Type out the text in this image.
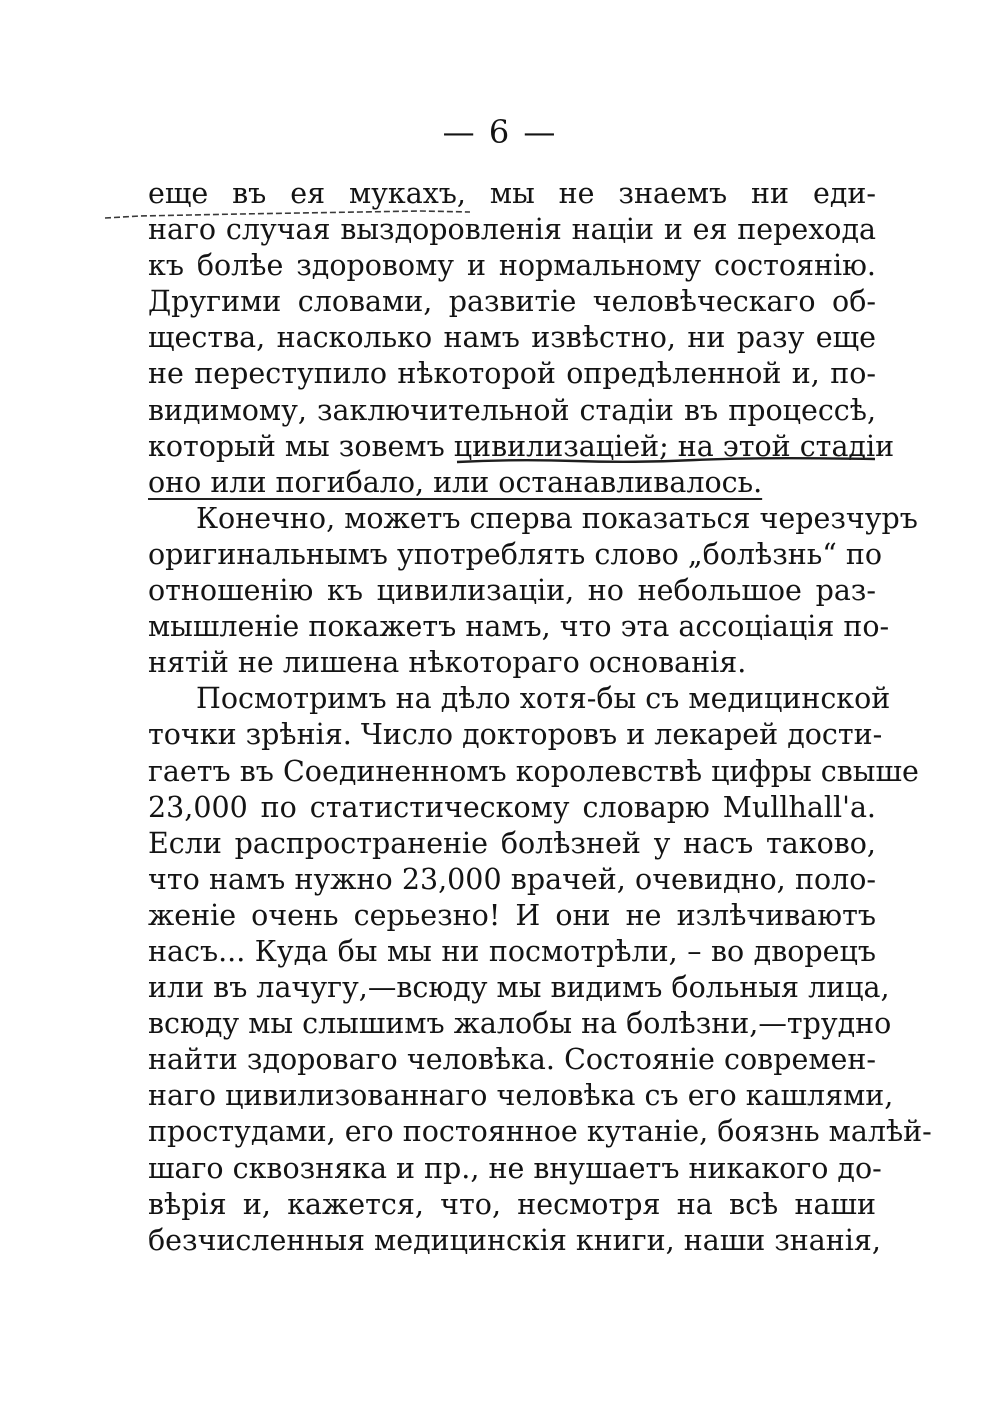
— 6 —
еще въ ея мукахъ, мы не знаемъ ни еди-
наго случая выздоровленія націи и ея перехода
къ болѣе здоровому и нормальному состоянію.
Другими словами, развитіе человѣческаго об-
щества, насколько намъ извѣстно, ни разу еще
не переступило нѣкоторой опредѣленной и, по-
видимому, заключительной стадіи въ процессѣ,
который мы зовемъ цивилизацiей; на этой стадіи
оно или погибало, или останавливалось.
Конечно, можетъ сперва показаться черезчуръ
оригинальнымъ употреблять слово „болѣзнь“ по
отношенію къ цивилизаціи, но небольшое раз-
мышленіе покажетъ намъ, что эта ассоціація по-
нятій не лишена нѣкотораго основанія.
Посмотримъ на дѣло хотя-бы съ медицинской
точки зрѣнія. Число докторовъ и лекарей дости-
гаетъ въ Соединенномъ королевствѣ цифры свыше
23,000 по статистическому словарю Mullhall'a.
Если распространеніе болѣзней у насъ таково,
что намъ нужно 23,000 врачей, очевидно, поло-
женіе очень серьезно! И они не излѣчиваютъ
насъ... Куда бы мы ни посмотрѣли, – во дворецъ
или въ лачугу,—всюду мы видимъ больныя лица,
всюду мы слышимъ жалобы на болѣзни,—трудно
найти здороваго человѣка. Состояніе современ-
наго цивилизованнаго человѣка съ его кашлями,
простудами, его постоянное кутаніе, боязнь малѣй-
шаго сквозняка и пр., не внушаетъ никакого до-
вѣрія и, кажется, что, несмотря на всѣ наши
безчисленныя медицинскія книги, наши знанія,
